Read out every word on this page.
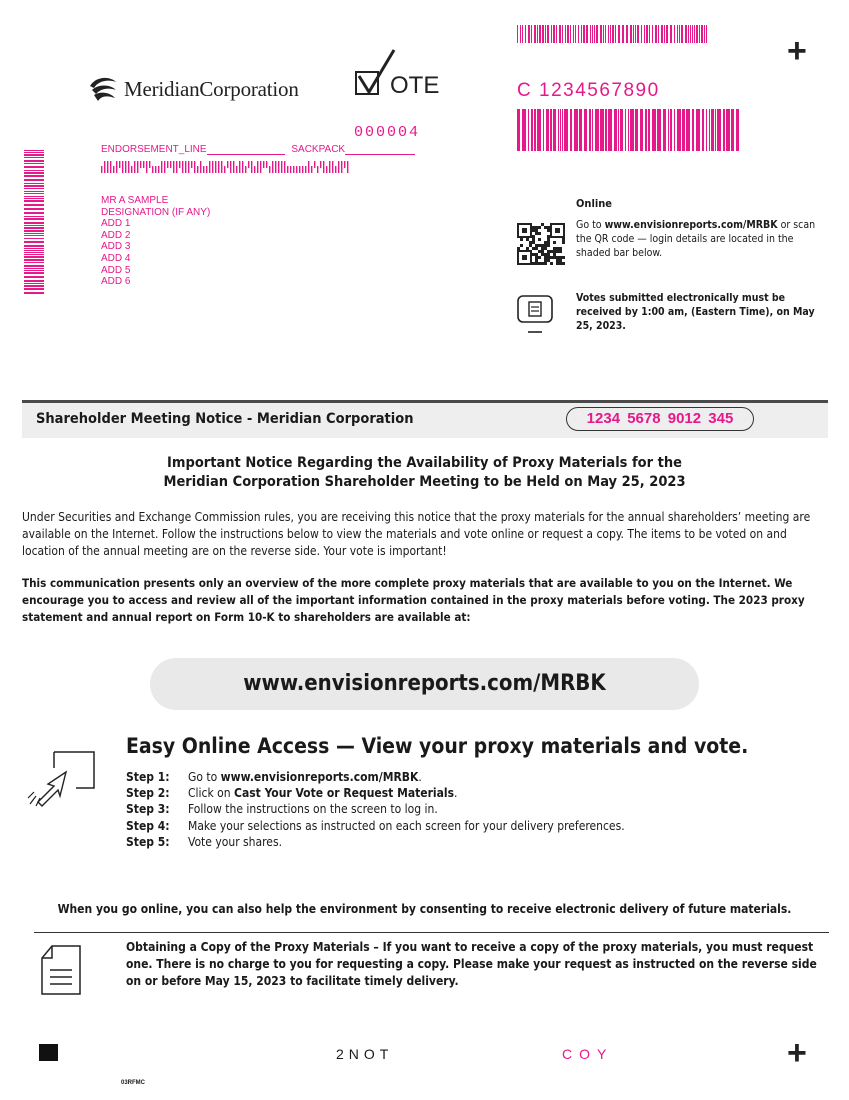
MeridianCorporation	OTE
+
C 1234567890
000004
ENDORSEMENT_LINE	SACKPACK
MR A SAMPLE
DESIGNATION (IF ANY)
ADD 1
ADD 2
ADD 3
ADD 4
ADD 5
ADD 6
Online
Go to www.envisionreports.com/MRBK or scan the QR code — login details are located in the shaded bar below.
Votes submitted electronically must be received by 1:00 am, (Eastern Time), on May 25, 2023.
Shareholder Meeting Notice - Meridian Corporation	1234 5678 9012 345
Important Notice Regarding the Availability of Proxy Materials for the
Meridian Corporation Shareholder Meeting to be Held on May 25, 2023
Under Securities and Exchange Commission rules, you are receiving this notice that the proxy materials for the annual shareholders’ meeting are available on the Internet. Follow the instructions below to view the materials and vote online or request a copy. The items to be voted on and location of the annual meeting are on the reverse side. Your vote is important!
This communication presents only an overview of the more complete proxy materials that are available to you on the Internet. We encourage you to access and review all of the important information contained in the proxy materials before voting. The 2023 proxy statement and annual report on Form 10-K to shareholders are available at:
www.envisionreports.com/MRBK
Easy Online Access — View your proxy materials and vote.
Step 1:	Go to www.envisionreports.com/MRBK.
Step 2:	Click on Cast Your Vote or Request Materials.
Step 3:	Follow the instructions on the screen to log in.
Step 4:	Make your selections as instructed on each screen for your delivery preferences.
Step 5:	Vote your shares.
When you go online, you can also help the environment by consenting to receive electronic delivery of future materials.
Obtaining a Copy of the Proxy Materials – If you want to receive a copy of the proxy materials, you must request one. There is no charge to you for requesting a copy. Please make your request as instructed on the reverse side on or before May 15, 2023 to facilitate timely delivery.
2NOT	COY	+
03RFMC
